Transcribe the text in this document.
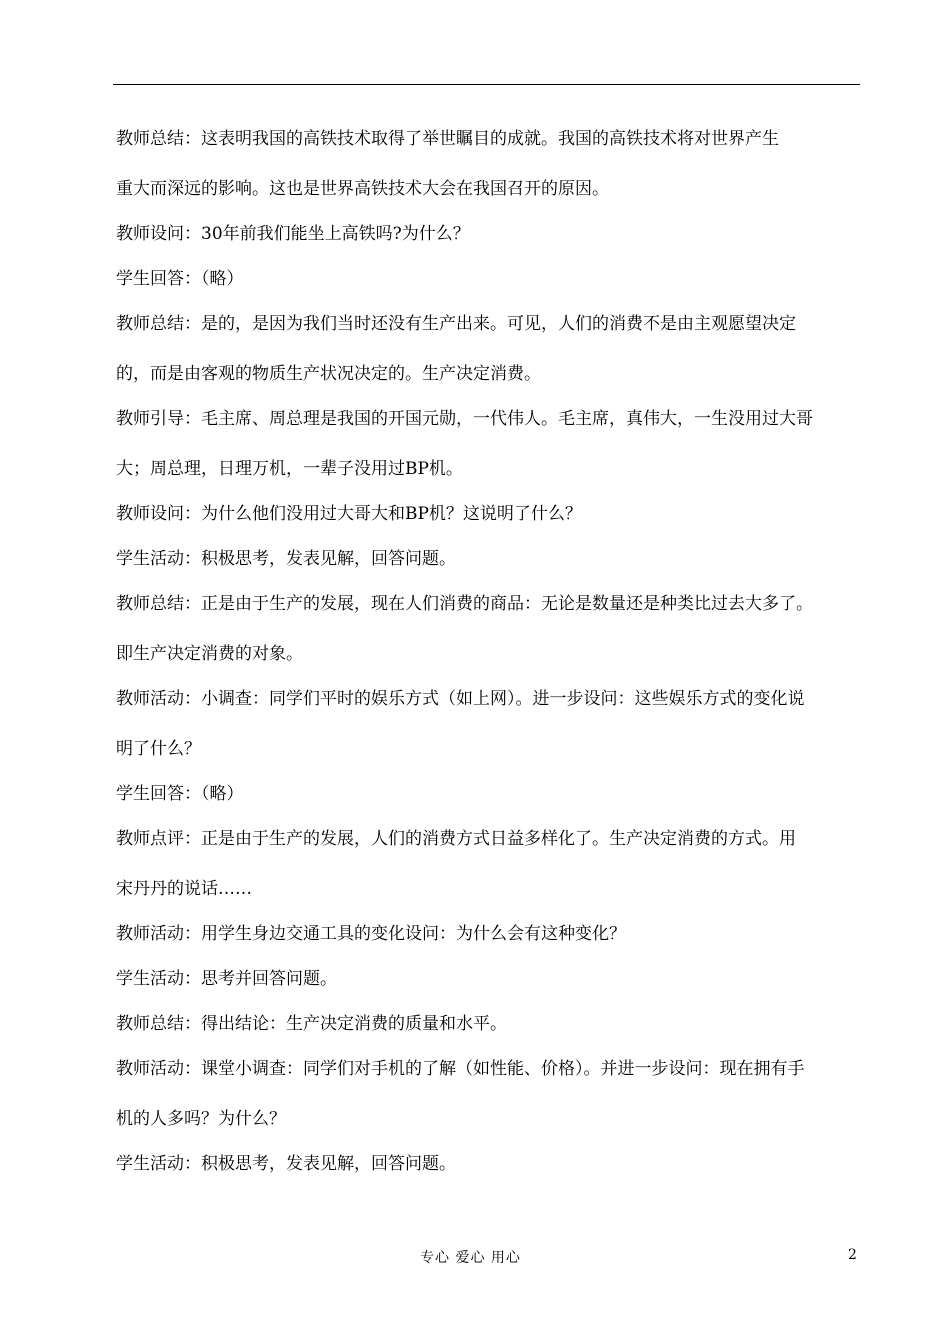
教师总结：这表明我国的高铁技术取得了举世瞩目的成就。我国的高铁技术将对世界产生

重大而深远的影响。这也是世界高铁技术大会在我国召开的原因。

教师设问：30年前我们能坐上高铁吗?为什么？

学生回答：（略）

教师总结：是的，是因为我们当时还没有生产出来。可见，人们的消费不是由主观愿望决定

的，而是由客观的物质生产状况决定的。生产决定消费。

教师引导：毛主席、周总理是我国的开国元勋，一代伟人。毛主席，真伟大，一生没用过大哥

大；周总理，日理万机，一辈子没用过BP机。

教师设问：为什么他们没用过大哥大和BP机？这说明了什么？

学生活动：积极思考，发表见解，回答问题。

教师总结：正是由于生产的发展，现在人们消费的商品：无论是数量还是种类比过去大多了。

即生产决定消费的对象。

教师活动：小调查：同学们平时的娱乐方式（如上网）。进一步设问：这些娱乐方式的变化说

明了什么？

学生回答：（略）

教师点评：正是由于生产的发展，人们的消费方式日益多样化了。生产决定消费的方式。用

宋丹丹的说话……

教师活动：用学生身边交通工具的变化设问：为什么会有这种变化？

学生活动：思考并回答问题。

教师总结：得出结论：生产决定消费的质量和水平。

教师活动：课堂小调查：同学们对手机的了解（如性能、价格）。并进一步设问：现在拥有手

机的人多吗？为什么？

学生活动：积极思考，发表见解，回答问题。

专心 爱心 用心	2
